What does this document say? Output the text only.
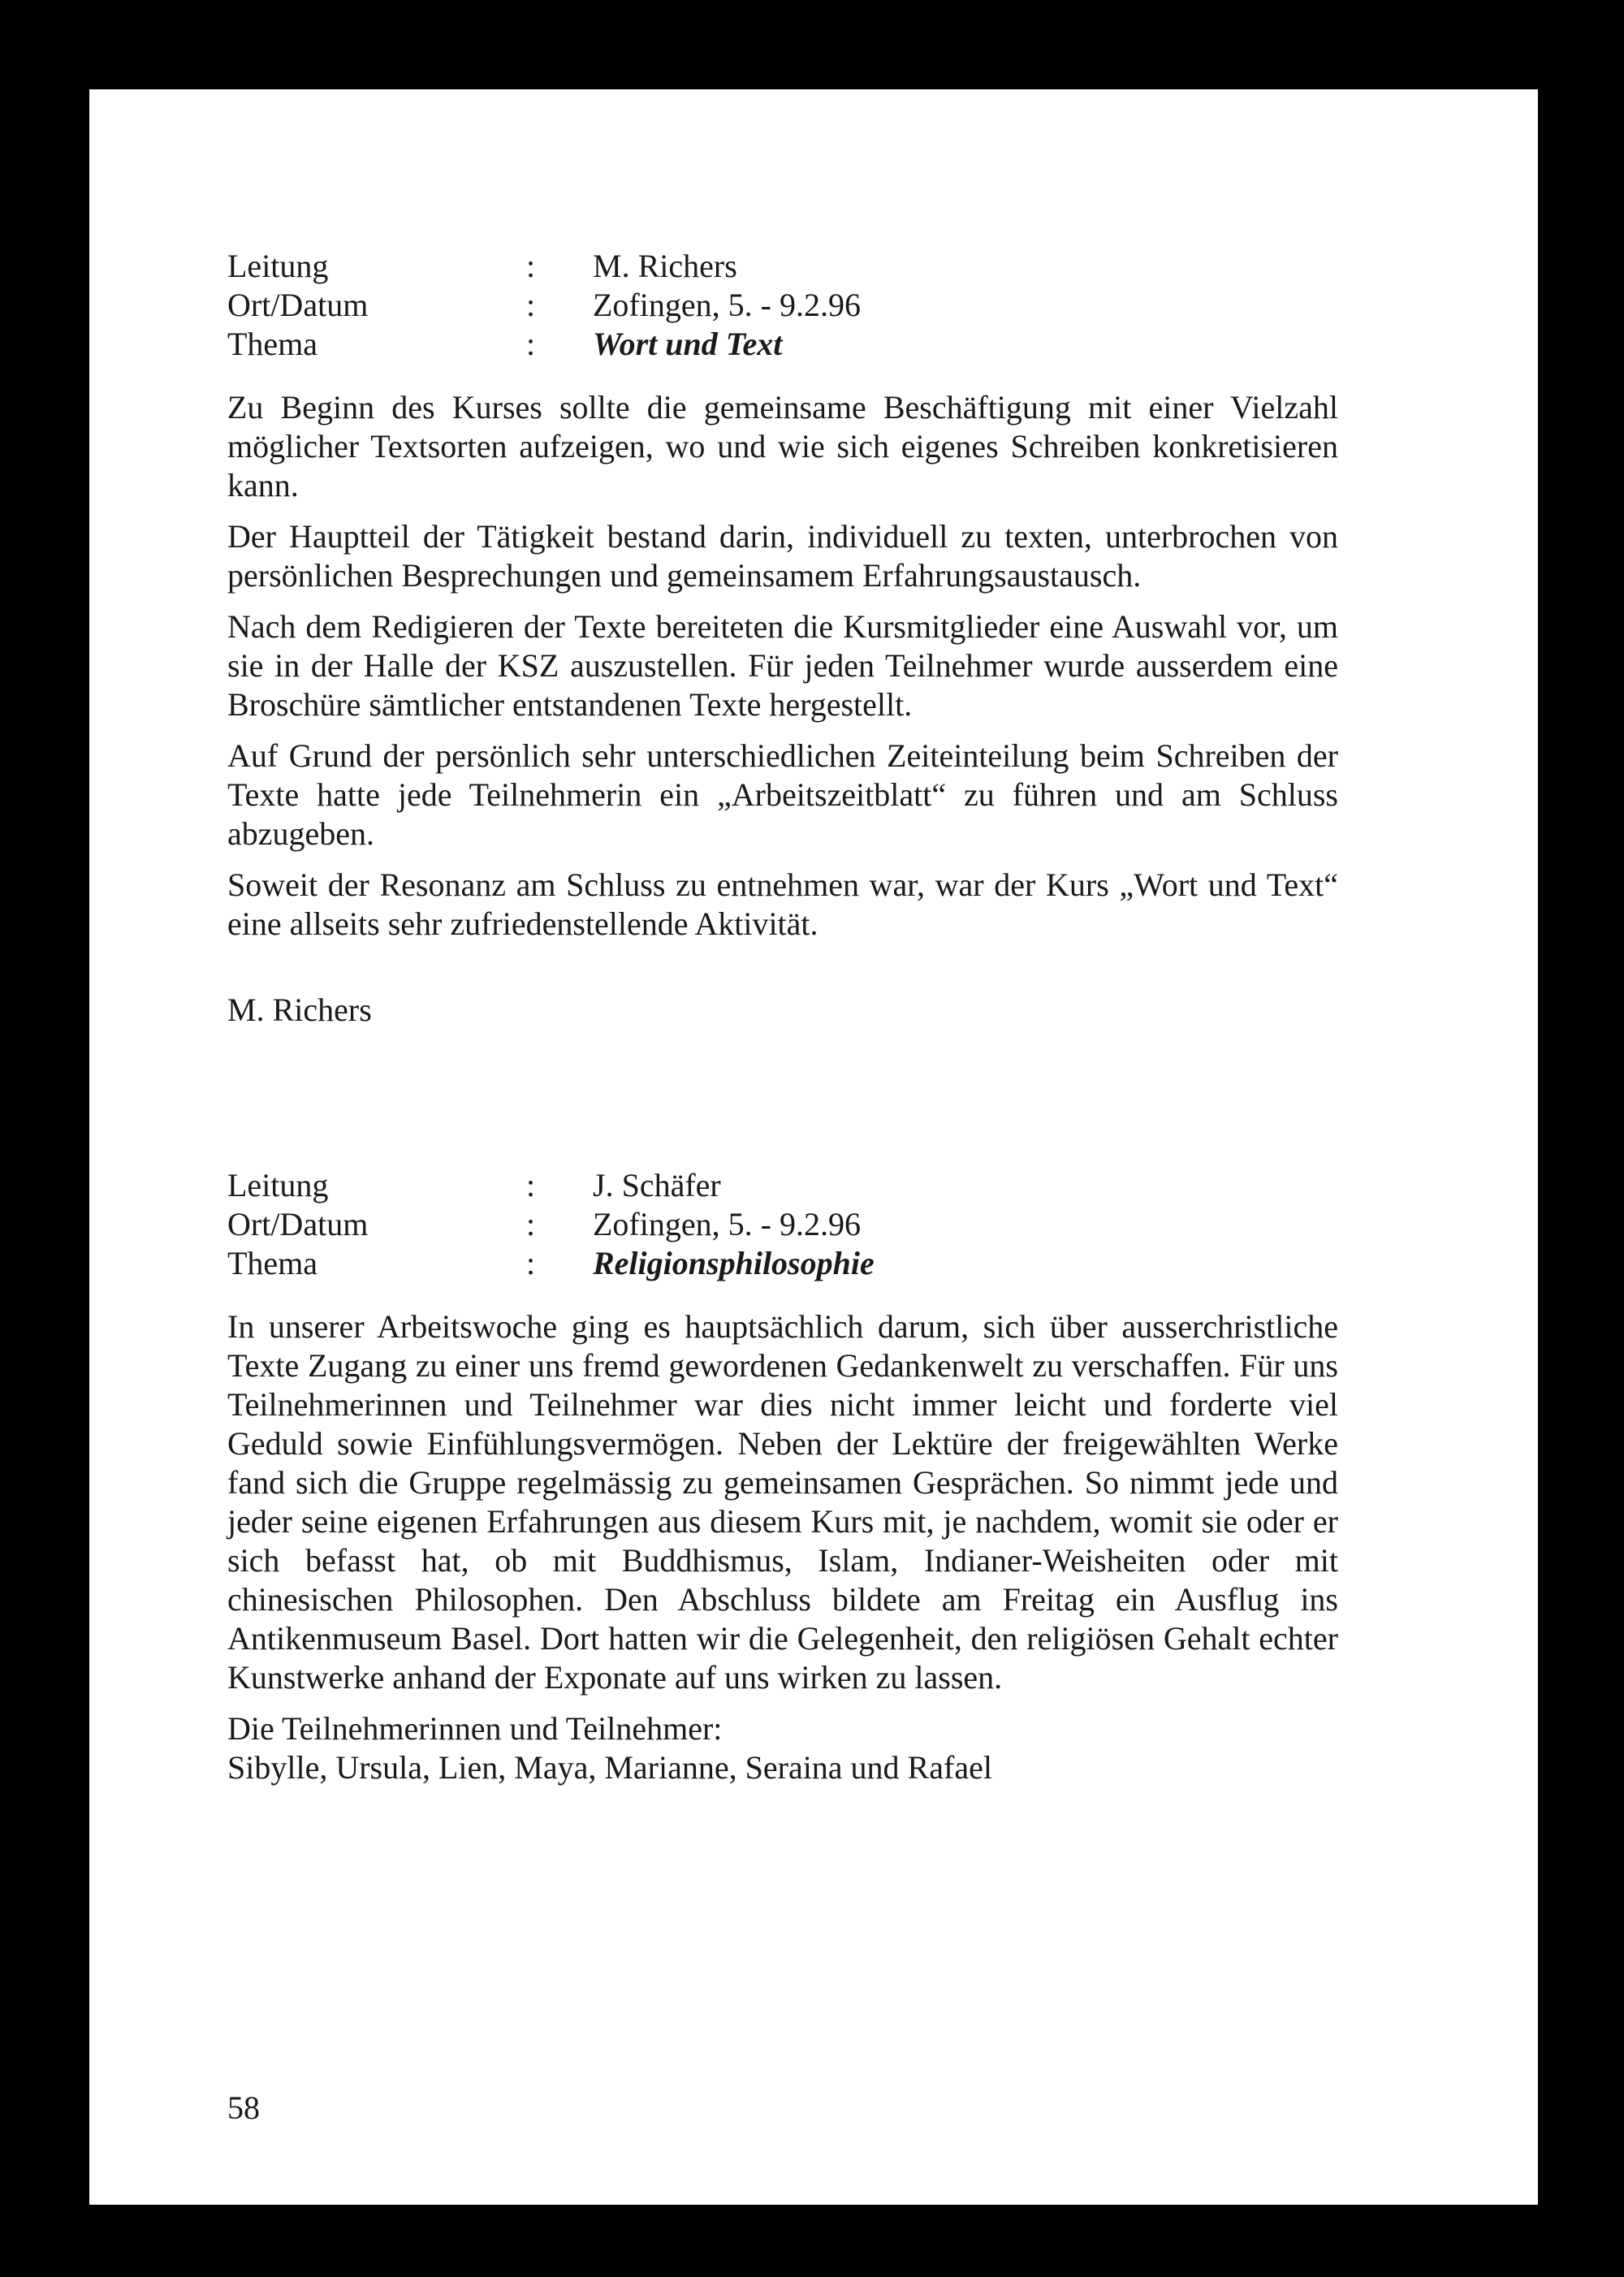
Leitung	:	M. Richers
Ort/Datum	:	Zofingen, 5. - 9.2.96
Thema	:	Wort und Text

Zu Beginn des Kurses sollte die gemeinsame Beschäftigung mit einer Vielzahl möglicher Textsorten aufzeigen, wo und wie sich eigenes Schreiben konkretisieren kann.

Der Hauptteil der Tätigkeit bestand darin, individuell zu texten, unterbrochen von persönlichen Besprechungen und gemeinsamem Erfahrungsaustausch.

Nach dem Redigieren der Texte bereiteten die Kursmitglieder eine Auswahl vor, um sie in der Halle der KSZ auszustellen. Für jeden Teilnehmer wurde ausserdem eine Broschüre sämtlicher entstandenen Texte hergestellt.

Auf Grund der persönlich sehr unterschiedlichen Zeiteinteilung beim Schreiben der Texte hatte jede Teilnehmerin ein „Arbeitszeitblatt“ zu führen und am Schluss abzugeben.

Soweit der Resonanz am Schluss zu entnehmen war, war der Kurs „Wort und Text“ eine allseits sehr zufriedenstellende Aktivität.

M. Richers

Leitung	:	J. Schäfer
Ort/Datum	:	Zofingen, 5. - 9.2.96
Thema	:	Religionsphilosophie

In unserer Arbeitswoche ging es hauptsächlich darum, sich über ausserchristliche Texte Zugang zu einer uns fremd gewordenen Gedankenwelt zu verschaffen. Für uns Teilnehmerinnen und Teilnehmer war dies nicht immer leicht und forderte viel Geduld sowie Einfühlungsvermögen. Neben der Lektüre der freigewählten Werke fand sich die Gruppe regelmässig zu gemeinsamen Gesprächen. So nimmt jede und jeder seine eigenen Erfahrungen aus diesem Kurs mit, je nachdem, womit sie oder er sich befasst hat, ob mit Buddhismus, Islam, Indianer-Weisheiten oder mit chinesischen Philosophen. Den Abschluss bildete am Freitag ein Ausflug ins Antikenmuseum Basel. Dort hatten wir die Gelegenheit, den religiösen Gehalt echter Kunstwerke anhand der Exponate auf uns wirken zu lassen.

Die Teilnehmerinnen und Teilnehmer:

Sibylle, Ursula, Lien, Maya, Marianne, Seraina und Rafael

58
